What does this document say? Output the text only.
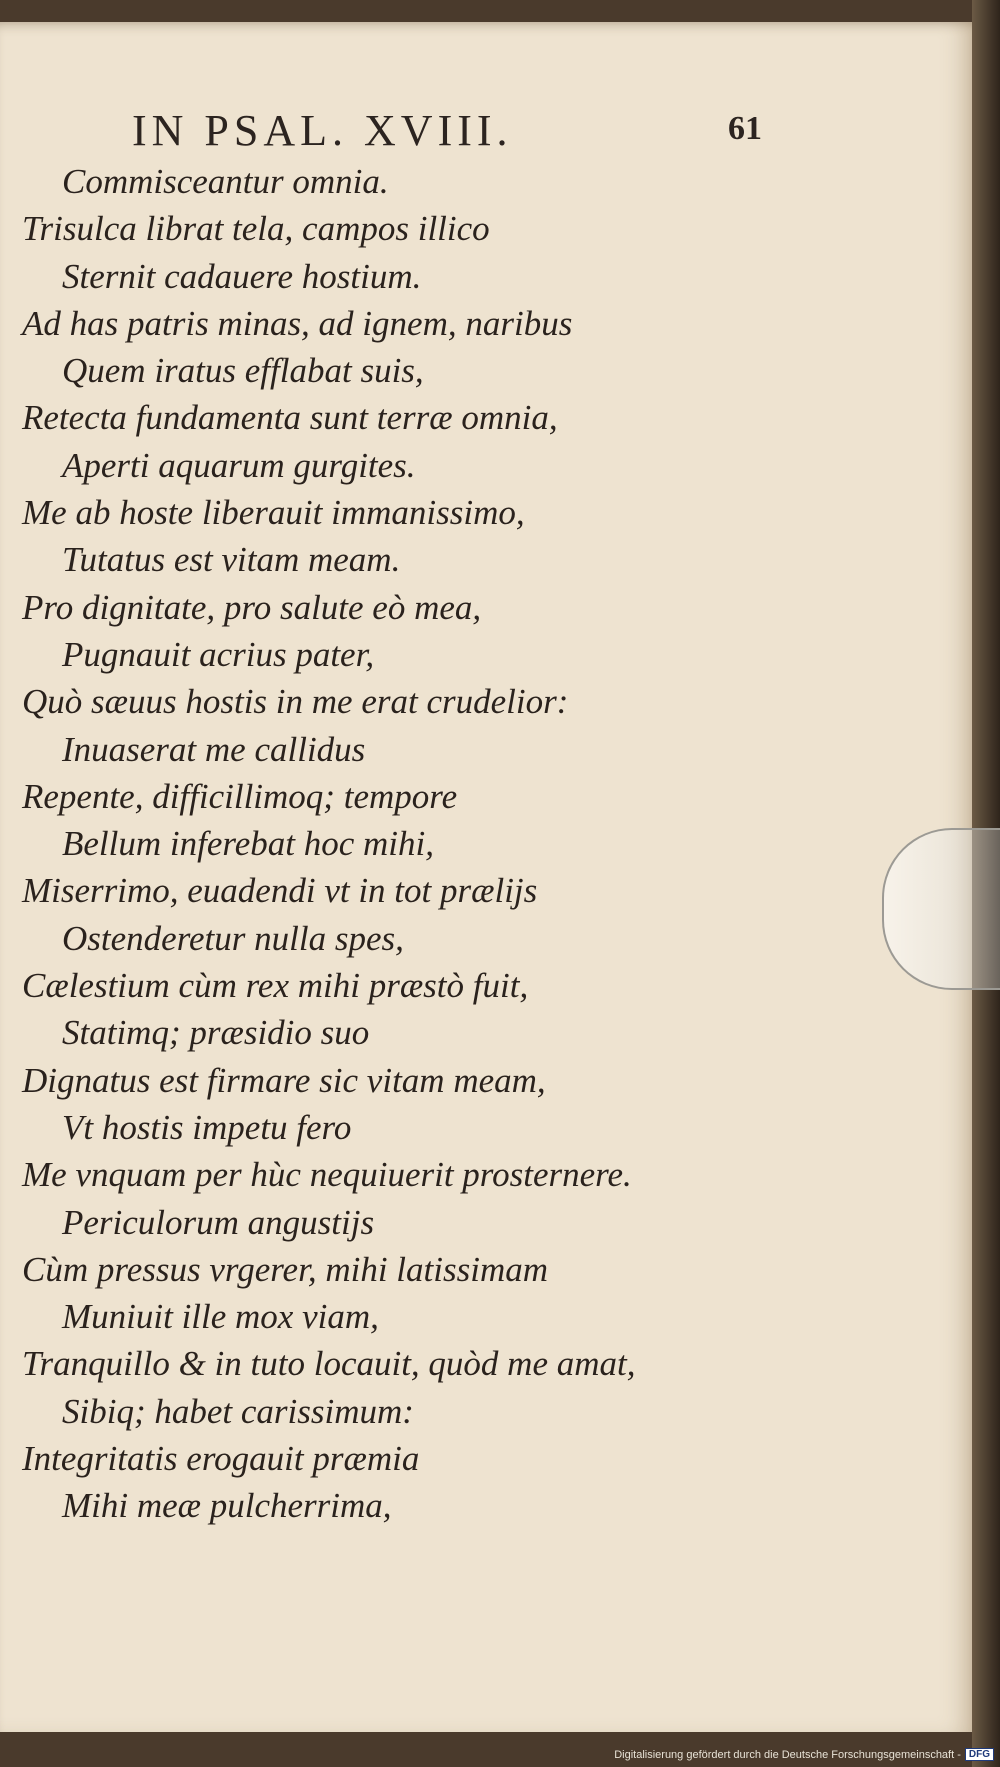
IN PSAL. XVIII.	61
Commisceantur omnia.
Trisulca librat tela, campos illico
Sternit cadauere hostium.
Ad has patris minas, ad ignem, naribus
Quem iratus efflabat suis,
Retecta fundamenta sunt terræ omnia,
Aperti aquarum gurgites.
Me ab hoste liberauit immanissimo,
Tutatus est vitam meam.
Pro dignitate, pro salute eò mea,
Pugnauit acrius pater,
Quò sæuus hostis in me erat crudelior:
Inuaserat me callidus
Repente, difficillimoq; tempore
Bellum inferebat hoc mihi,
Miserrimo, euadendi vt in tot prælijs
Ostenderetur nulla spes,
Cælestium cùm rex mihi præstò fuit,
Statimq; præsidio suo
Dignatus est firmare sic vitam meam,
Vt hostis impetu fero
Me vnquam per hùc nequiuerit prosternere.
Periculorum angustijs
Cùm pressus vrgerer, mihi latissimam
Muniuit ille mox viam,
Tranquillo & in tuto locauit, quòd me amat,
Sibiq; habet carissimum:
Integritatis erogauit præmia
Mihi meæ pulcherrima,
Digitalisierung gefördert durch die Deutsche Forschungsgemeinschaft - DFG
